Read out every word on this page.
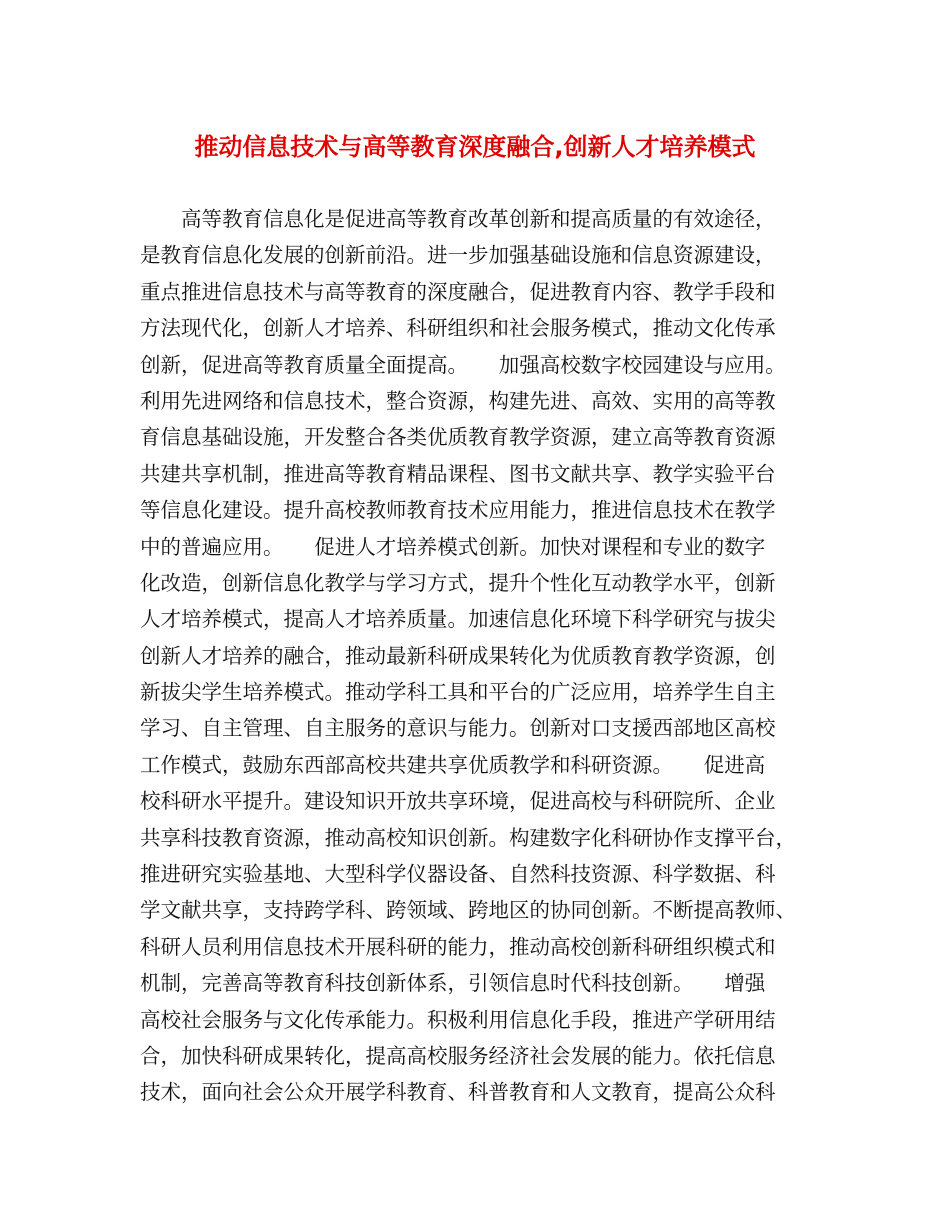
推动信息技术与高等教育深度融合,创新人才培养模式
　　高等教育信息化是促进高等教育改革创新和提高质量的有效途径，
是教育信息化发展的创新前沿。进一步加强基础设施和信息资源建设，
重点推进信息技术与高等教育的深度融合，促进教育内容、教学手段和
方法现代化，创新人才培养、科研组织和社会服务模式，推动文化传承
创新，促进高等教育质量全面提高。　　加强高校数字校园建设与应用。
利用先进网络和信息技术，整合资源，构建先进、高效、实用的高等教
育信息基础设施，开发整合各类优质教育教学资源，建立高等教育资源
共建共享机制，推进高等教育精品课程、图书文献共享、教学实验平台
等信息化建设。提升高校教师教育技术应用能力，推进信息技术在教学
中的普遍应用。　　促进人才培养模式创新。加快对课程和专业的数字
化改造，创新信息化教学与学习方式，提升个性化互动教学水平，创新
人才培养模式，提高人才培养质量。加速信息化环境下科学研究与拔尖
创新人才培养的融合，推动最新科研成果转化为优质教育教学资源，创
新拔尖学生培养模式。推动学科工具和平台的广泛应用，培养学生自主
学习、自主管理、自主服务的意识与能力。创新对口支援西部地区高校
工作模式，鼓励东西部高校共建共享优质教学和科研资源。　　促进高
校科研水平提升。建设知识开放共享环境，促进高校与科研院所、企业
共享科技教育资源，推动高校知识创新。构建数字化科研协作支撑平台，
推进研究实验基地、大型科学仪器设备、自然科技资源、科学数据、科
学文献共享，支持跨学科、跨领域、跨地区的协同创新。不断提高教师、
科研人员利用信息技术开展科研的能力，推动高校创新科研组织模式和
机制，完善高等教育科技创新体系，引领信息时代科技创新。　　增强
高校社会服务与文化传承能力。积极利用信息化手段，推进产学研用结
合，加快科研成果转化，提高高校服务经济社会发展的能力。依托信息
技术，面向社会公众开展学科教育、科普教育和人文教育，提高公众科
